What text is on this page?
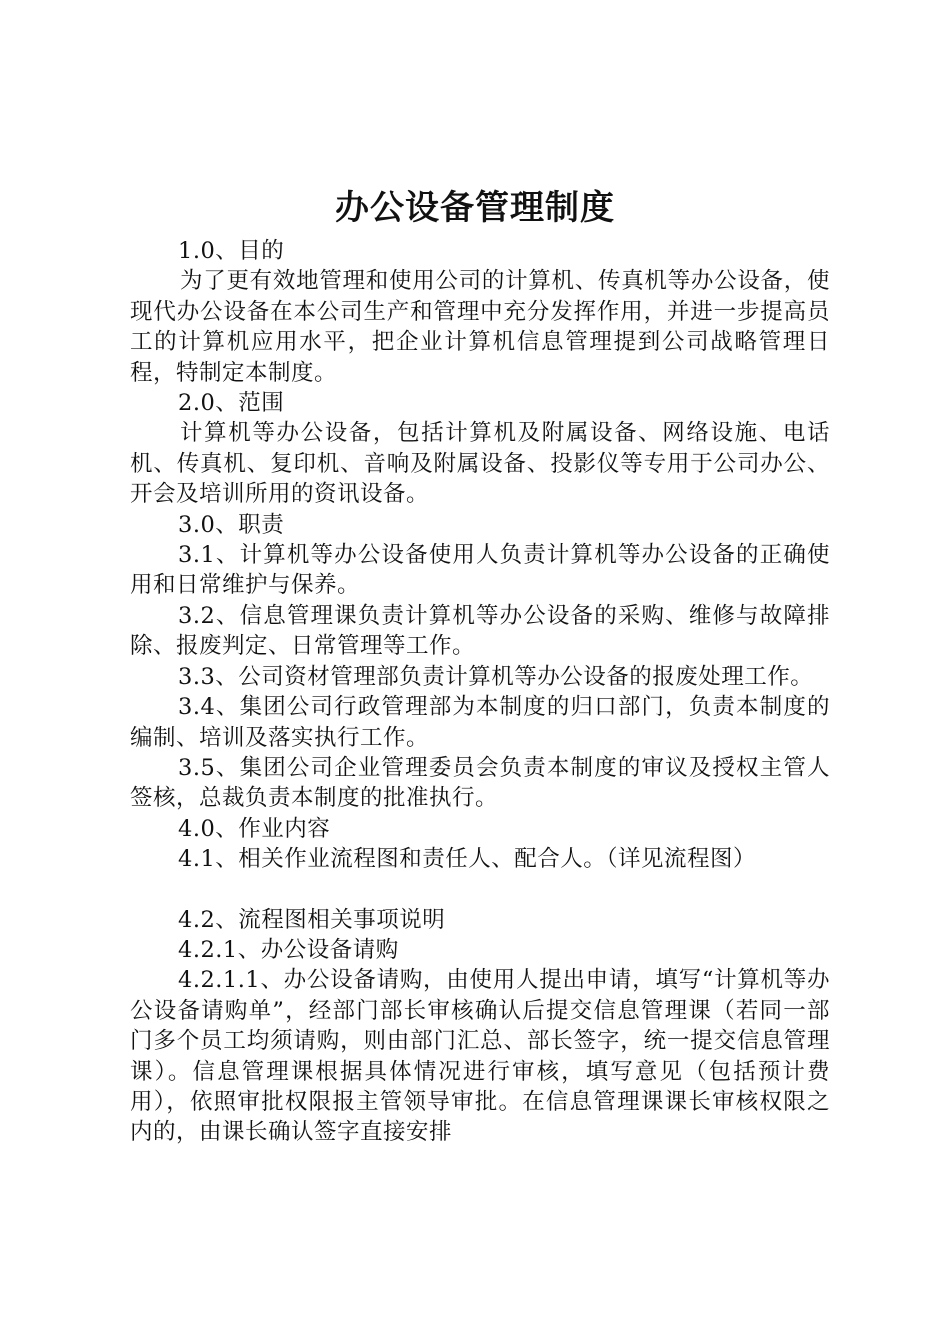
办公设备管理制度

1.0、目的

为了更有效地管理和使用公司的计算机、传真机等办公设备，使现代办公设备在本公司生产和管理中充分发挥作用，并进一步提高员工的计算机应用水平，把企业计算机信息管理提到公司战略管理日程，特制定本制度。

2.0、范围

计算机等办公设备，包括计算机及附属设备、网络设施、电话机、传真机、复印机、音响及附属设备、投影仪等专用于公司办公、开会及培训所用的资讯设备。

3.0、职责

3.1、计算机等办公设备使用人负责计算机等办公设备的正确使用和日常维护与保养。

3.2、信息管理课负责计算机等办公设备的采购、维修与故障排除、报废判定、日常管理等工作。

3.3、公司资材管理部负责计算机等办公设备的报废处理工作。

3.4、集团公司行政管理部为本制度的归口部门，负责本制度的编制、培训及落实执行工作。

3.5、集团公司企业管理委员会负责本制度的审议及授权主管人签核，总裁负责本制度的批准执行。

4.0、作业内容

4.1、相关作业流程图和责任人、配合人。（详见流程图）

4.2、流程图相关事项说明

4.2.1、办公设备请购

4.2.1.1、办公设备请购，由使用人提出申请，填写“计算机等办公设备请购单”，经部门部长审核确认后提交信息管理课（若同一部门多个员工均须请购，则由部门汇总、部长签字，统一提交信息管理课）。信息管理课根据具体情况进行审核，填写意见（包括预计费用），依照审批权限报主管领导审批。在信息管理课课长审核权限之内的，由课长确认签字直接安排
